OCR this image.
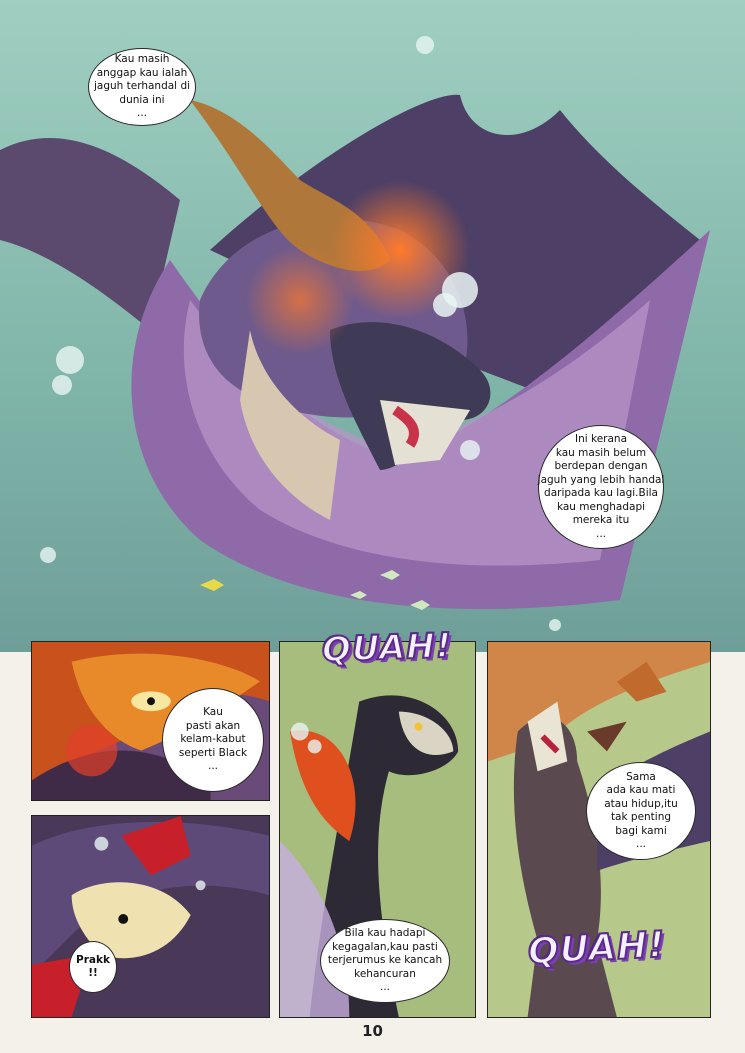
Kau masih
anggap kau ialah
jaguh terhandal di
dunia ini
...
Ini kerana
kau masih belum
berdepan dengan
jaguh yang lebih handal
daripada kau lagi.Bila
kau menghadapi
mereka itu
...
Kau
pasti akan
kelam-kabut
seperti Black
...
Prakk
!!
Bila kau hadapi
kegagalan,kau pasti
terjerumus ke kancah
kehancuran
...
Sama
ada kau mati
atau hidup,itu
tak penting
bagi kami
...
QUAH!
QUAH!
10
